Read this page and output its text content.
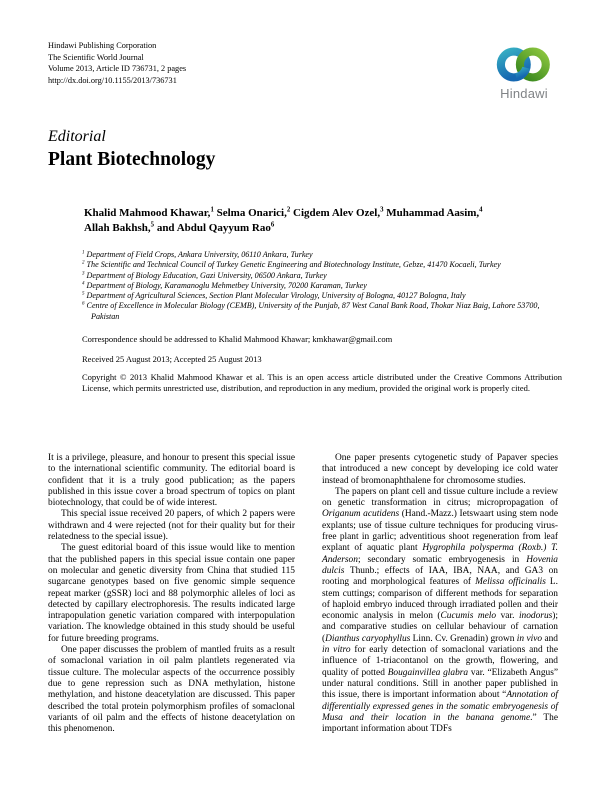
Hindawi Publishing Corporation
The Scientific World Journal
Volume 2013, Article ID 736731, 2 pages
http://dx.doi.org/10.1155/2013/736731
Hindawi
Editorial
Plant Biotechnology
Khalid Mahmood Khawar,$^1$ Selma Onarici,$^2$ Cigdem Alev Ozel,$^3$ Muhammad Aasim,$^4$
Allah Bakhsh,$^5$ and Abdul Qayyum Rao$^6$
$^1$ Department of Field Crops, Ankara University, 06110 Ankara, Turkey
$^2$ The Scientific and Technical Council of Turkey Genetic Engineering and Biotechnology Institute, Gebze, 41470 Kocaeli, Turkey
$^3$ Department of Biology Education, Gazi University, 06500 Ankara, Turkey
$^4$ Department of Biology, Karamanoglu Mehmetbey University, 70200 Karaman, Turkey
$^5$ Department of Agricultural Sciences, Section Plant Molecular Virology, University of Bologna, 40127 Bologna, Italy
$^6$ Centre of Excellence in Molecular Biology (CEMB), University of the Punjab, 87 West Canal Bank Road, Thokar Niaz Baig, Lahore 53700, Pakistan
Correspondence should be addressed to Khalid Mahmood Khawar; kmkhawar@gmail.com
Received 25 August 2013; Accepted 25 August 2013
Copyright © 2013 Khalid Mahmood Khawar et al. This is an open access article distributed under the Creative Commons Attribution License, which permits unrestricted use, distribution, and reproduction in any medium, provided the original work is properly cited.

It is a privilege, pleasure, and honour to present this special issue to the international scientific community. The editorial board is confident that it is a truly good publication; as the papers published in this issue cover a broad spectrum of topics on plant biotechnology, that could be of wide interest.

This special issue received 20 papers, of which 2 papers were withdrawn and 4 were rejected (not for their quality but for their relatedness to the special issue).

The guest editorial board of this issue would like to mention that the published papers in this special issue contain one paper on molecular and genetic diversity from China that studied 115 sugarcane genotypes based on five genomic simple sequence repeat marker (gSSR) loci and 88 polymorphic alleles of loci as detected by capillary electrophoresis. The results indicated large intrapopulation genetic variation compared with interpopulation variation. The knowledge obtained in this study should be useful for future breeding programs.

One paper discusses the problem of mantled fruits as a result of somaclonal variation in oil palm plantlets regenerated via tissue culture. The molecular aspects of the occurrence possibly due to gene repression such as DNA methylation, histone methylation, and histone deacetylation are discussed. This paper described the total protein polymorphism profiles of somaclonal variants of oil palm and the effects of histone deacetylation on this phenomenon.

One paper presents cytogenetic study of Papaver species that introduced a new concept by developing ice cold water instead of bromonaphthalene for chromosome studies.

The papers on plant cell and tissue culture include a review on genetic transformation in citrus; micropropagation of Origanum acutidens (Hand.-Mazz.) Ietswaart using stem node explants; use of tissue culture techniques for producing virus-free plant in garlic; adventitious shoot regeneration from leaf explant of aquatic plant Hygrophila polysperma (Roxb.) T. Anderson; secondary somatic embryogenesis in Hovenia dulcis Thunb.; effects of IAA, IBA, NAA, and GA3 on rooting and morphological features of Melissa officinalis L. stem cuttings; comparison of different methods for separation of haploid embryo induced through irradiated pollen and their economic analysis in melon (Cucumis melo var. inodorus); and comparative studies on cellular behaviour of carnation (Dianthus caryophyllus Linn. Cv. Grenadin) grown in vivo and in vitro for early detection of somaclonal variations and the influence of 1-triacontanol on the growth, flowering, and quality of potted Bougainvillea glabra var. “Elizabeth Angus” under natural conditions. Still in another paper published in this issue, there is important information about “Annotation of differentially expressed genes in the somatic embryogenesis of Musa and their location in the banana genome.” The important information about TDFs
